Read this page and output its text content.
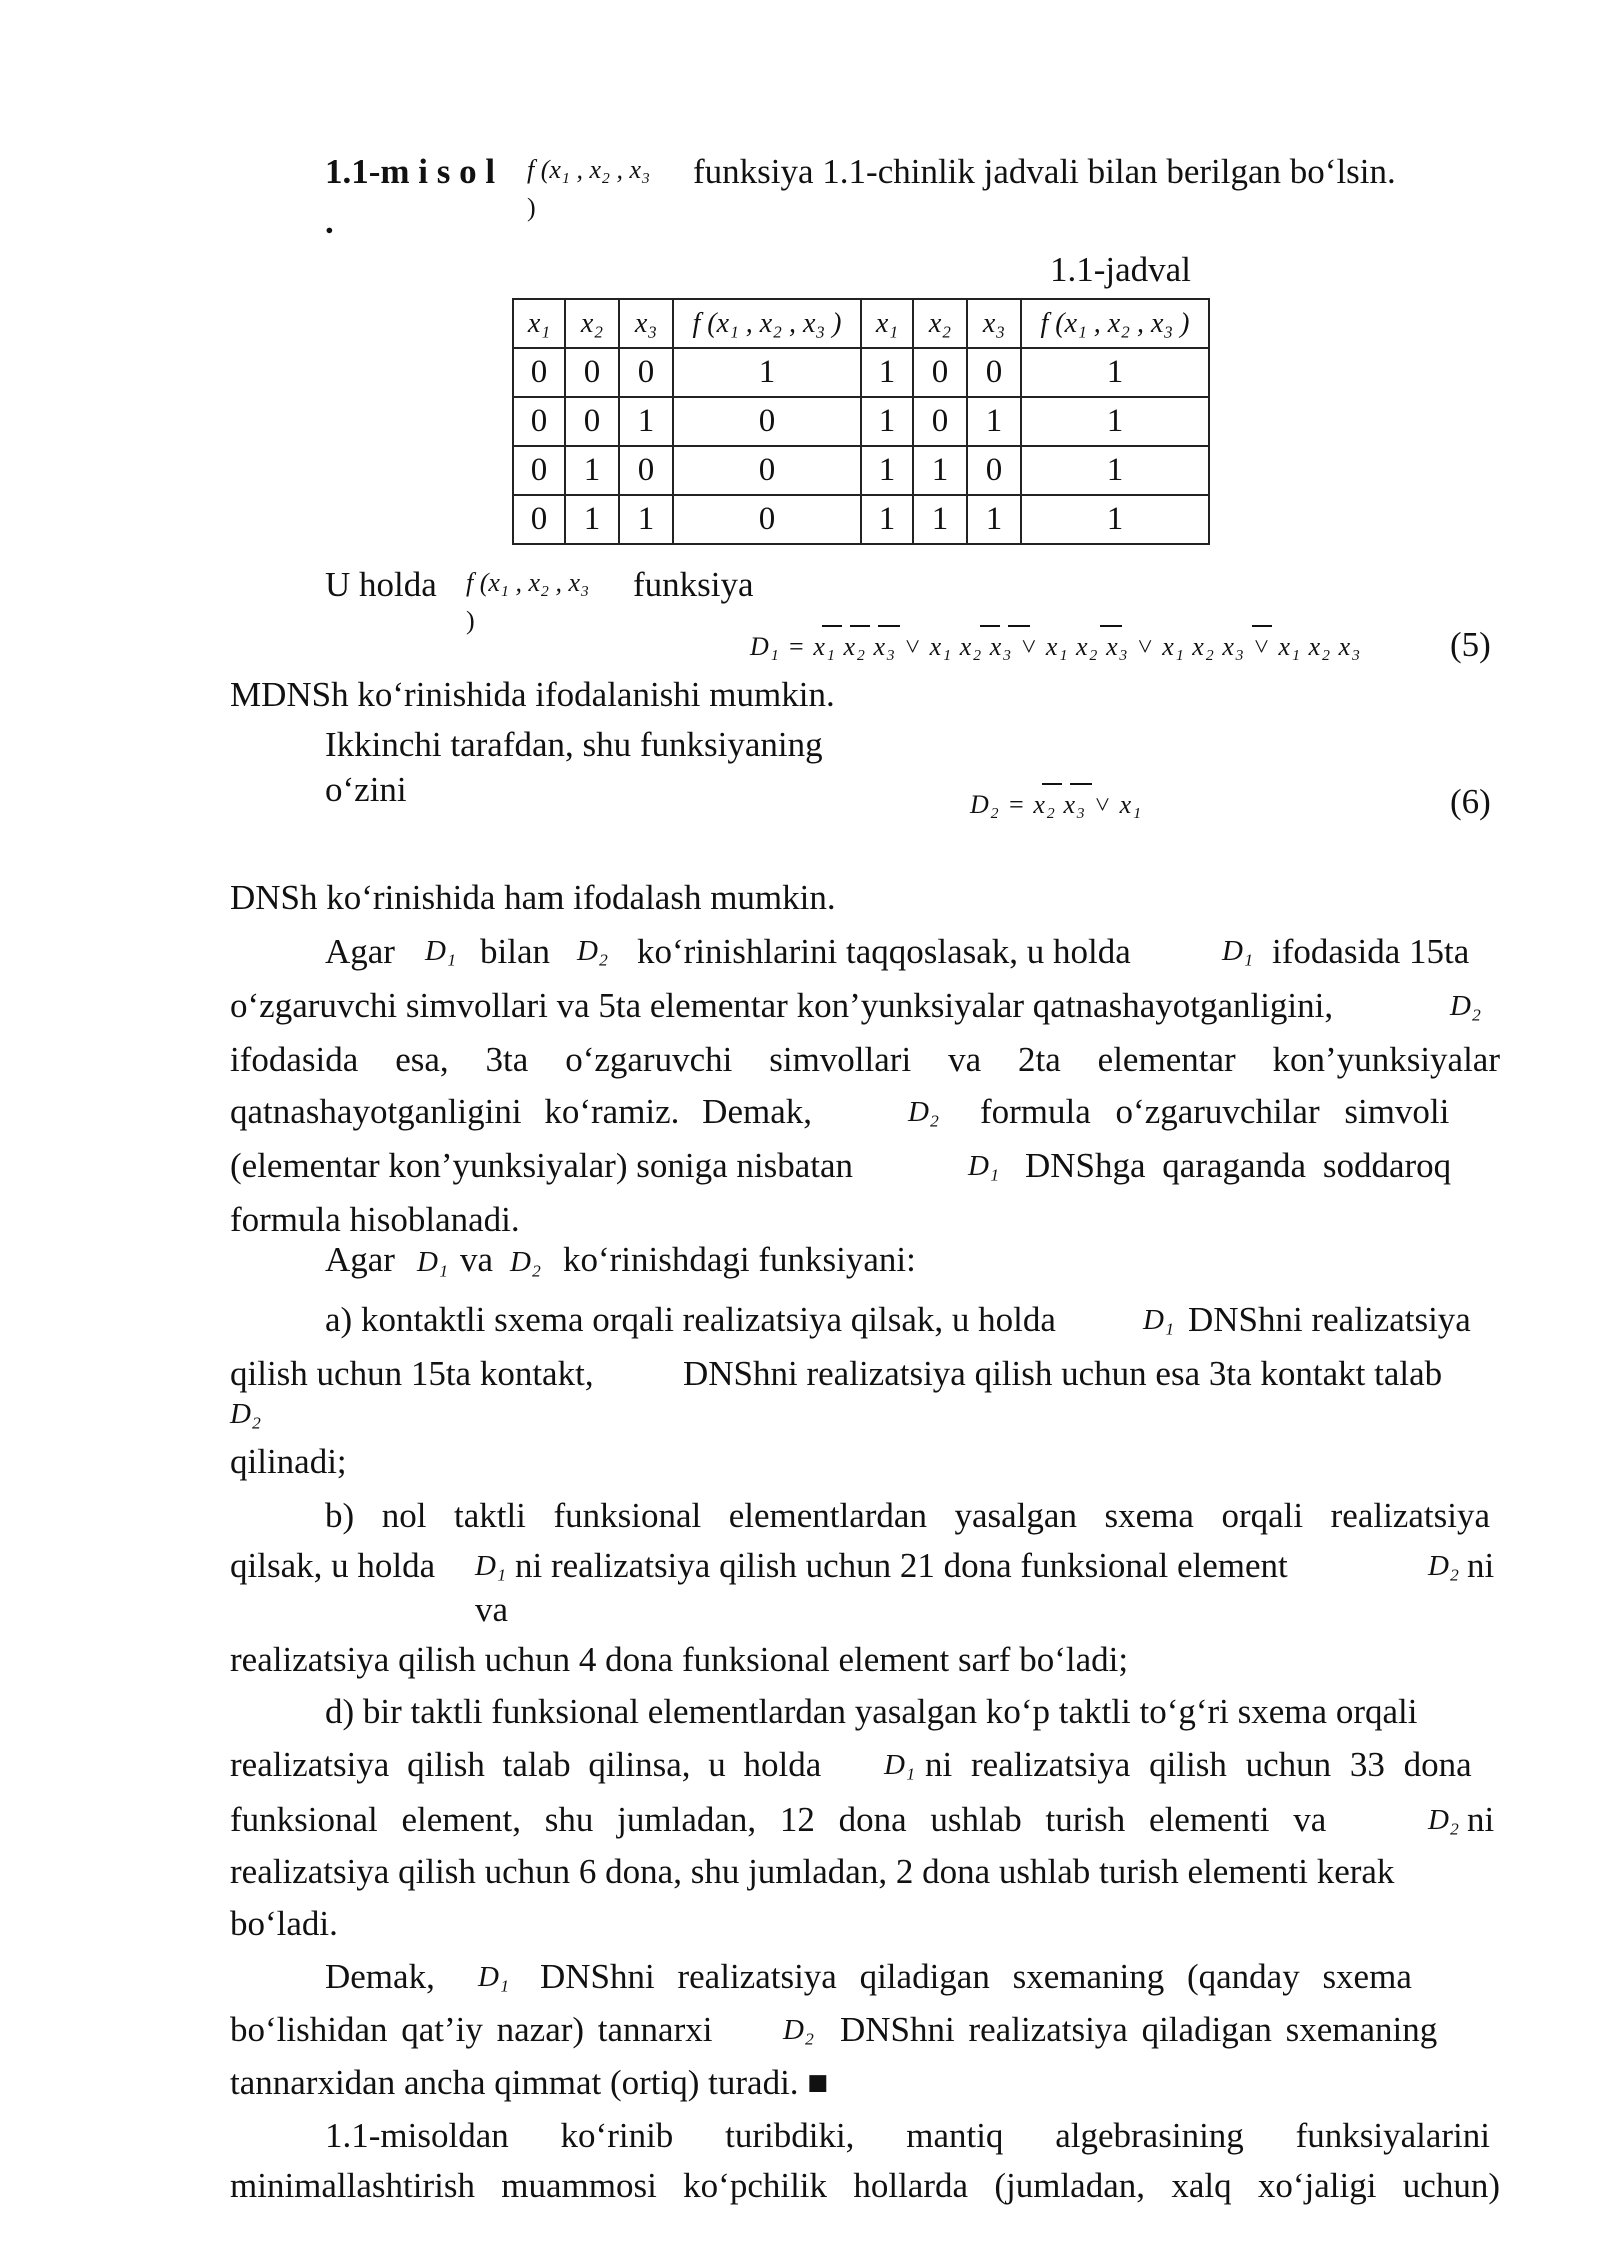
1.1-m i s o l
.
f (x₁ , x₂ , x₃
)
funksiya 1.1-chinlik jadvali bilan berilgan bo‘lsin.
1.1-jadval
x₁	x₂	x₃	f (x₁ , x₂ , x₃ )	x₁	x₂	x₃	f (x₁ , x₂ , x₃ )
0	0	0	1	1	0	0	1
0	0	1	0	1	0	1	1
0	1	0	0	1	1	0	1
0	1	1	0	1	1	1	1
U holda f (x₁ , x₂ , x₃
)
funksiya
D₁ = x₁ x₂ x₃ ˅ x₁ x₂ x₃ ˅ x₁ x₂ x₃ ˅ x₁ x₂ x₃ ˅ x₁ x₂ x₃	(5)
MDNSh ko‘rinishida ifodalanishi mumkin.
Ikkinchi tarafdan, shu funksiyaning
o‘zini	D₂ = x₂ x₃ ˅ x₁	(6)
DNSh ko‘rinishida ham ifodalash mumkin.
Agar D₁ bilan D₂ ko‘rinishlarini taqqoslasak, u holda	D₁ ifodasida 15ta
o‘zgaruvchi simvollari va 5ta elementar kon’yunksiyalar qatnashayotganligini,	D₂
ifodasida esa, 3ta o‘zgaruvchi simvollari va 2ta elementar kon’yunksiyalar
qatnashayotganligini ko‘ramiz. Demak,	D₂ formula o‘zgaruvchilar simvoli
(elementar kon’yunksiyalar) soniga nisbatan	D₁ DNShga qaraganda soddaroq
formula hisoblanadi.
Agar D₁ va D₂ ko‘rinishdagi funksiyani:
a) kontaktli sxema orqali realizatsiya qilsak, u holda	D₁ DNShni realizatsiya
qilish uchun 15ta kontakt,	DNShni realizatsiya qilish uchun esa 3ta kontakt talab
D₂
qilinadi;
b) nol taktli funksional elementlardan yasalgan sxema orqali realizatsiya
qilsak, u holda D₁ ni realizatsiya qilish uchun 21 dona funksional element
va
D₂ ni
realizatsiya qilish uchun 4 dona funksional element sarf bo‘ladi;
d) bir taktli funksional elementlardan yasalgan ko‘p taktli to‘g‘ri sxema orqali
realizatsiya qilish talab qilinsa, u holda D₁ ni realizatsiya qilish uchun 33 dona
funksional element, shu jumladan, 12 dona ushlab turish elementi va	D₂ ni
realizatsiya qilish uchun 6 dona, shu jumladan, 2 dona ushlab turish elementi kerak
bo‘ladi.
Demak, D₁ DNShni realizatsiya qiladigan sxemaning (qanday sxema
bo‘lishidan qat’iy nazar) tannarxi D₂ DNShni realizatsiya qiladigan sxemaning
tannarxidan ancha qimmat (ortiq) turadi. ■
1.1-misoldan ko‘rinib turibdiki, mantiq algebrasining funksiyalarini
minimallashtirish muammosi ko‘pchilik hollarda (jumladan, xalq xo‘jaligi uchun)
